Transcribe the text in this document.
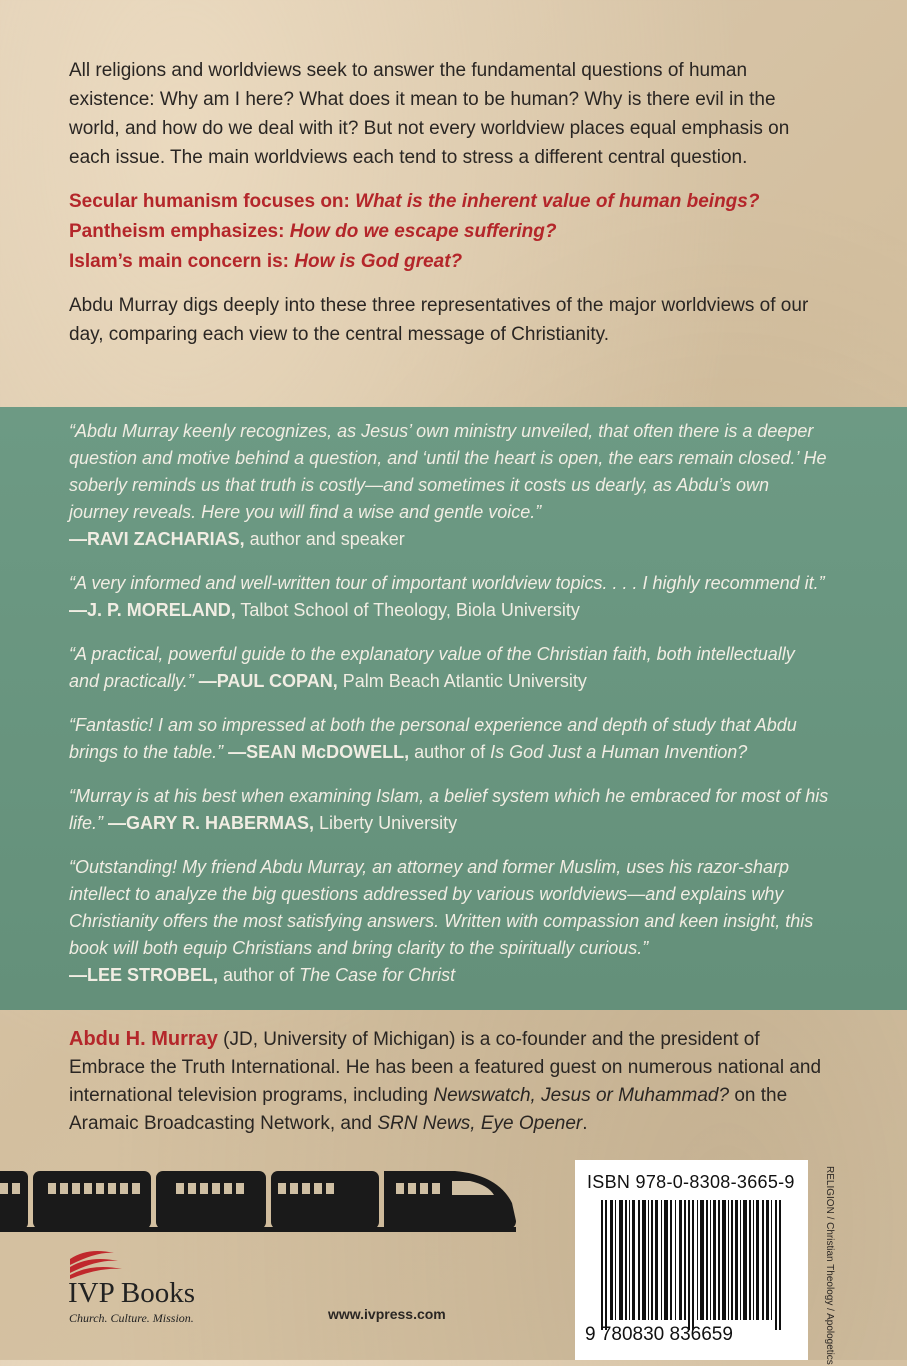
All religions and worldviews seek to answer the fundamental questions of human existence: Why am I here? What does it mean to be human? Why is there evil in the world, and how do we deal with it? But not every worldview places equal emphasis on each issue. The main worldviews each tend to stress a different central question.

Secular humanism focuses on: What is the inherent value of human beings?
Pantheism emphasizes: How do we escape suffering?
Islam’s main concern is: How is God great?

Abdu Murray digs deeply into these three representatives of the major worldviews of our day, comparing each view to the central message of Christianity.

“Abdu Murray keenly recognizes, as Jesus’ own ministry unveiled, that often there is a deeper question and motive behind a question, and ‘until the heart is open, the ears remain closed.’ He soberly reminds us that truth is costly—and sometimes it costs us dearly, as Abdu’s own journey reveals. Here you will find a wise and gentle voice.”
—RAVI ZACHARIAS, author and speaker

“A very informed and well-written tour of important worldview topics. . . . I highly recommend it.” —J. P. MORELAND, Talbot School of Theology, Biola University

“A practical, powerful guide to the explanatory value of the Christian faith, both intellectually and practically.” —PAUL COPAN, Palm Beach Atlantic University

“Fantastic! I am so impressed at both the personal experience and depth of study that Abdu brings to the table.” —SEAN McDOWELL, author of Is God Just a Human Invention?

“Murray is at his best when examining Islam, a belief system which he embraced for most of his life.” —GARY R. HABERMAS, Liberty University

“Outstanding! My friend Abdu Murray, an attorney and former Muslim, uses his razor-sharp intellect to analyze the big questions addressed by various worldviews—and explains why Christianity offers the most satisfying answers. Written with compassion and keen insight, this book will both equip Christians and bring clarity to the spiritually curious.”
—LEE STROBEL, author of The Case for Christ

Abdu H. Murray (JD, University of Michigan) is a co-founder and the president of Embrace the Truth International. He has been a featured guest on numerous national and international television programs, including Newswatch, Jesus or Muhammad? on the Aramaic Broadcasting Network, and SRN News, Eye Opener.
IVP Books
Church. Culture. Mission.	www.ivpress.com
ISBN 978-0-8308-3665-9
9 780830 836659	RELIGION / Christian Theology / Apologetics
